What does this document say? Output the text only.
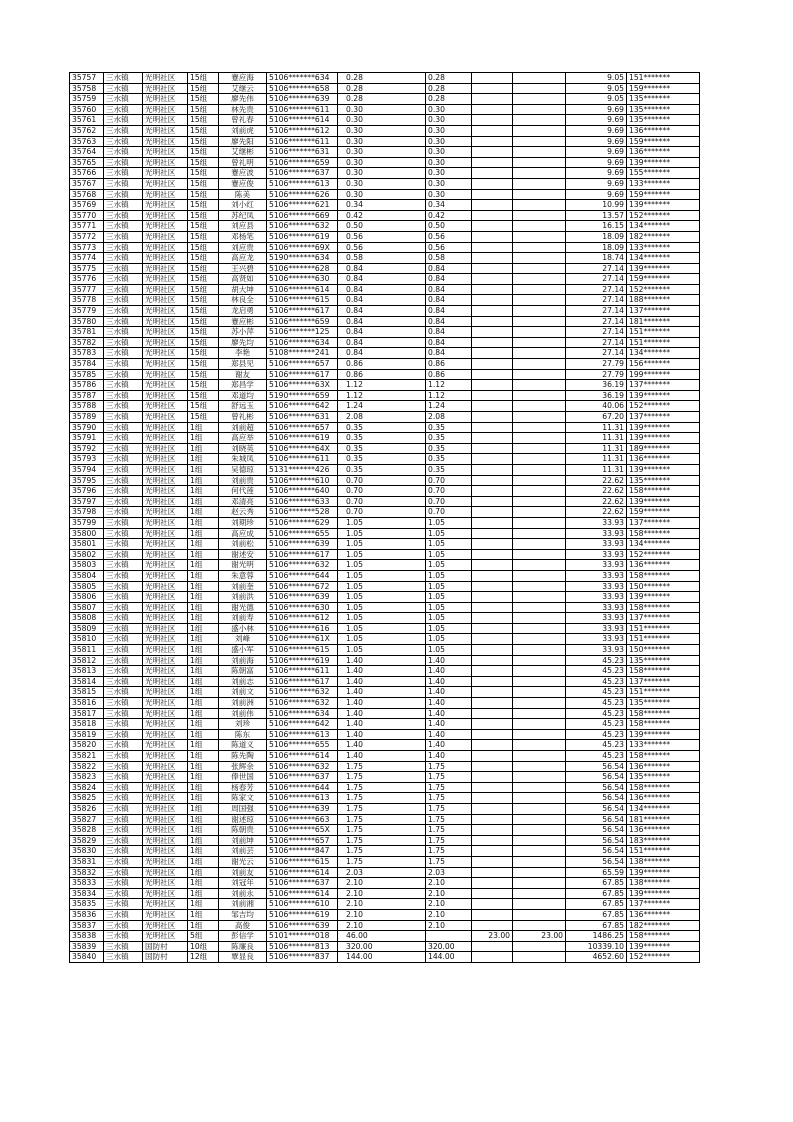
35757	三水镇	光明社区	15组	蹇应海	5106*******634	0.28	0.28			9.05	151*******
35758	三水镇	光明社区	15组	艾继云	5106*******658	0.28	0.28			9.05	159*******
35759	三水镇	光明社区	15组	廖先伟	5106*******639	0.28	0.28			9.05	135*******
35760	三水镇	光明社区	15组	林先贵	5106*******611	0.30	0.30			9.69	135*******
35761	三水镇	光明社区	15组	曾礼春	5106*******614	0.30	0.30			9.69	135*******
35762	三水镇	光明社区	15组	刘前虎	5106*******612	0.30	0.30			9.69	136*******
35763	三水镇	光明社区	15组	廖先阳	5106*******611	0.30	0.30			9.69	159*******
35764	三水镇	光明社区	15组	艾继彬	5106*******631	0.30	0.30			9.69	136*******
35765	三水镇	光明社区	15组	曾礼明	5106*******659	0.30	0.30			9.69	139*******
35766	三水镇	光明社区	15组	蹇应波	5106*******637	0.30	0.30			9.69	155*******
35767	三水镇	光明社区	15组	蹇应俊	5106*******613	0.30	0.30			9.69	133*******
35768	三水镇	光明社区	15组	陈美	5106*******626	0.30	0.30			9.69	159*******
35769	三水镇	光明社区	15组	刘小红	5106*******621	0.34	0.34			10.99	139*******
35770	三水镇	光明社区	15组	苏纪凤	5106*******669	0.42	0.42			13.57	152*******
35771	三水镇	光明社区	15组	刘应县	5106*******632	0.50	0.50			16.15	134*******
35772	三水镇	光明社区	15组	邓杨笔	5106*******619	0.56	0.56			18.09	182*******
35773	三水镇	光明社区	15组	刘应贵	5106*******69X	0.56	0.56			18.09	133*******
35774	三水镇	光明社区	15组	高应龙	5190*******634	0.58	0.58			18.74	134*******
35775	三水镇	光明社区	15组	王兴碧	5106*******628	0.84	0.84			27.14	139*******
35776	三水镇	光明社区	15组	高贤如	5106*******630	0.84	0.84			27.14	159*******
35777	三水镇	光明社区	15组	胡大坤	5106*******614	0.84	0.84			27.14	152*******
35778	三水镇	光明社区	15组	林良全	5106*******615	0.84	0.84			27.14	188*******
35779	三水镇	光明社区	15组	龙启勇	5106*******617	0.84	0.84			27.14	137*******
35780	三水镇	光明社区	15组	蹇应彬	5106*******659	0.84	0.84			27.14	181*******
35781	三水镇	光明社区	15组	苏小萍	5106*******125	0.84	0.84			27.14	151*******
35782	三水镇	光明社区	15组	廖先均	5106*******634	0.84	0.84			27.14	151*******
35783	三水镇	光明社区	15组	李艳	5108*******241	0.84	0.84			27.14	134*******
35784	三水镇	光明社区	15组	郑县见	5106*******657	0.86	0.86			27.79	156*******
35785	三水镇	光明社区	15组	谢友	5106*******617	0.86	0.86			27.79	199*******
35786	三水镇	光明社区	15组	郑昌学	5106*******63X	1.12	1.12			36.19	137*******
35787	三水镇	光明社区	15组	邓道均	5190*******659	1.12	1.12			36.19	139*******
35788	三水镇	光明社区	15组	舒远玉	5106*******642	1.24	1.24			40.06	152*******
35789	三水镇	光明社区	15组	曾礼彬	5106*******631	2.08	2.08			67.20	137*******
35790	三水镇	光明社区	1组	刘前超	5106*******657	0.35	0.35			11.31	139*******
35791	三水镇	光明社区	1组	高应举	5106*******619	0.35	0.35			11.31	139*******
35792	三水镇	光明社区	1组	刘晓英	5106*******64X	0.35	0.35			11.31	189*******
35793	三水镇	光明社区	1组	朱城凤	5106*******611	0.35	0.35			11.31	136*******
35794	三水镇	光明社区	1组	吴德琼	5131*******426	0.35	0.35			11.31	139*******
35795	三水镇	光明社区	1组	刘前贵	5106*******610	0.70	0.70			22.62	135*******
35796	三水镇	光明社区	1组	何代莲	5106*******640	0.70	0.70			22.62	158*******
35797	三水镇	光明社区	1组	邓清亮	5106*******633	0.70	0.70			22.62	139*******
35798	三水镇	光明社区	1组	赵云秀	5106*******528	0.70	0.70			22.62	159*******
35799	三水镇	光明社区	1组	刘期珍	5106*******629	1.05	1.05			33.93	137*******
35800	三水镇	光明社区	1组	高应成	5106*******655	1.05	1.05			33.93	158*******
35801	三水镇	光明社区	1组	刘前松	5106*******639	1.05	1.05			33.93	134*******
35802	三水镇	光明社区	1组	谢述安	5106*******617	1.05	1.05			33.93	152*******
35803	三水镇	光明社区	1组	谢光明	5106*******632	1.05	1.05			33.93	136*******
35804	三水镇	光明社区	1组	朱意蓉	5106*******644	1.05	1.05			33.93	158*******
35805	三水镇	光明社区	1组	刘前奎	5106*******672	1.05	1.05			33.93	150*******
35806	三水镇	光明社区	1组	刘前洪	5106*******639	1.05	1.05			33.93	139*******
35807	三水镇	光明社区	1组	谢光德	5106*******630	1.05	1.05			33.93	158*******
35808	三水镇	光明社区	1组	刘前寿	5106*******612	1.05	1.05			33.93	137*******
35809	三水镇	光明社区	1组	盛小林	5106*******616	1.05	1.05			33.93	151*******
35810	三水镇	光明社区	1组	刘峰	5106*******61X	1.05	1.05			33.93	151*******
35811	三水镇	光明社区	1组	盛小军	5106*******615	1.05	1.05			33.93	150*******
35812	三水镇	光明社区	1组	刘前海	5106*******619	1.40	1.40			45.23	135*******
35813	三水镇	光明社区	1组	陈朝富	5106*******611	1.40	1.40			45.23	158*******
35814	三水镇	光明社区	1组	刘前志	5106*******617	1.40	1.40			45.23	137*******
35815	三水镇	光明社区	1组	刘前文	5106*******632	1.40	1.40			45.23	151*******
35816	三水镇	光明社区	1组	刘前洲	5106*******632	1.40	1.40			45.23	135*******
35817	三水镇	光明社区	1组	刘前伟	5106*******634	1.40	1.40			45.23	158*******
35818	三水镇	光明社区	1组	刘珍	5106*******642	1.40	1.40			45.23	158*******
35819	三水镇	光明社区	1组	陈东	5106*******613	1.40	1.40			45.23	139*******
35820	三水镇	光明社区	1组	陈道义	5106*******655	1.40	1.40			45.23	133*******
35821	三水镇	光明社区	1组	陈先陶	5106*******614	1.40	1.40			45.23	158*******
35822	三水镇	光明社区	1组	张辉余	5106*******632	1.75	1.75			56.54	136*******
35823	三水镇	光明社区	1组	俸世国	5106*******637	1.75	1.75			56.54	135*******
35824	三水镇	光明社区	1组	杨春芳	5106*******644	1.75	1.75			56.54	158*******
35825	三水镇	光明社区	1组	陈家文	5106*******613	1.75	1.75			56.54	136*******
35826	三水镇	光明社区	1组	周国强	5106*******639	1.75	1.75			56.54	134*******
35827	三水镇	光明社区	1组	谢述琼	5106*******663	1.75	1.75			56.54	181*******
35828	三水镇	光明社区	1组	陈朝贵	5106*******65X	1.75	1.75			56.54	136*******
35829	三水镇	光明社区	1组	刘前坤	5106*******657	1.75	1.75			56.54	183*******
35830	三水镇	光明社区	1组	刘前芸	5106*******847	1.75	1.75			56.54	151*******
35831	三水镇	光明社区	1组	谢光云	5106*******615	1.75	1.75			56.54	138*******
35832	三水镇	光明社区	1组	刘前友	5106*******614	2.03	2.03			65.59	139*******
35833	三水镇	光明社区	1组	刘冠年	5106*******637	2.10	2.10			67.85	138*******
35834	三水镇	光明社区	1组	刘前永	5106*******614	2.10	2.10			67.85	139*******
35835	三水镇	光明社区	1组	刘前湘	5106*******610	2.10	2.10			67.85	137*******
35836	三水镇	光明社区	1组	邹吉均	5106*******619	2.10	2.10			67.85	136*******
35837	三水镇	光明社区	1组	高俊	5106*******639	2.10	2.10			67.85	182*******
35838	三水镇	光明社区	5组	彭信学	5101*******018	46.00		23.00	23.00	1486.25	158*******
35839	三水镇	国防村	10组	陈廉良	5106*******813	320.00	320.00			10339.10	139*******
35840	三水镇	国防村	12组	覃显良	5106*******837	144.00	144.00			4652.60	152*******
